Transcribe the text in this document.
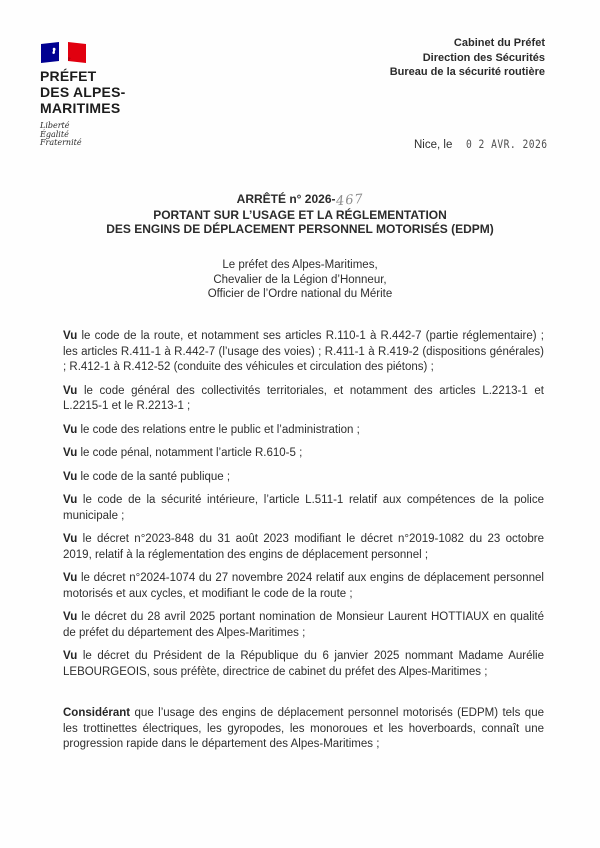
PRÉFET
DES ALPES-
MARITIMES
Liberté
Égalité
Fraternité
Cabinet du Préfet
Direction des Sécurités
Bureau de la sécurité routière
Nice, le 0 2 AVR. 2026
ARRÊTÉ n° 2026-467
PORTANT SUR L’USAGE ET LA RÉGLEMENTATION
DES ENGINS DE DÉPLACEMENT PERSONNEL MOTORISÉS (EDPM)
Le préfet des Alpes-Maritimes,
Chevalier de la Légion d’Honneur,
Officier de l’Ordre national du Mérite

Vu le code de la route, et notamment ses articles R.110-1 à R.442-7 (partie réglementaire) ; les articles R.411-1 à R.442-7 (l’usage des voies) ; R.411-1 à R.419-2 (dispositions générales) ; R.412-1 à R.412-52 (conduite des véhicules et circulation des piétons) ;

Vu le code général des collectivités territoriales, et notamment des articles L.2213-1 et L.2215-1 et le R.2213-1 ;

Vu le code des relations entre le public et l’administration ;

Vu le code pénal, notamment l’article R.610-5 ;

Vu le code de la santé publique ;

Vu le code de la sécurité intérieure, l’article L.511-1 relatif aux compétences de la police municipale ;

Vu le décret n°2023-848 du 31 août 2023 modifiant le décret n°2019-1082 du 23 octobre 2019, relatif à la réglementation des engins de déplacement personnel ;

Vu le décret n°2024-1074 du 27 novembre 2024 relatif aux engins de déplacement personnel motorisés et aux cycles, et modifiant le code de la route ;

Vu le décret du 28 avril 2025 portant nomination de Monsieur Laurent HOTTIAUX en qualité de préfet du département des Alpes-Maritimes ;

Vu le décret du Président de la République du 6 janvier 2025 nommant Madame Aurélie LEBOURGEOIS, sous préfète, directrice de cabinet du préfet des Alpes-Maritimes ;

Considérant que l’usage des engins de déplacement personnel motorisés (EDPM) tels que les trottinettes électriques, les gyropodes, les monoroues et les hoverboards, connaît une progression rapide dans le département des Alpes-Maritimes ;
